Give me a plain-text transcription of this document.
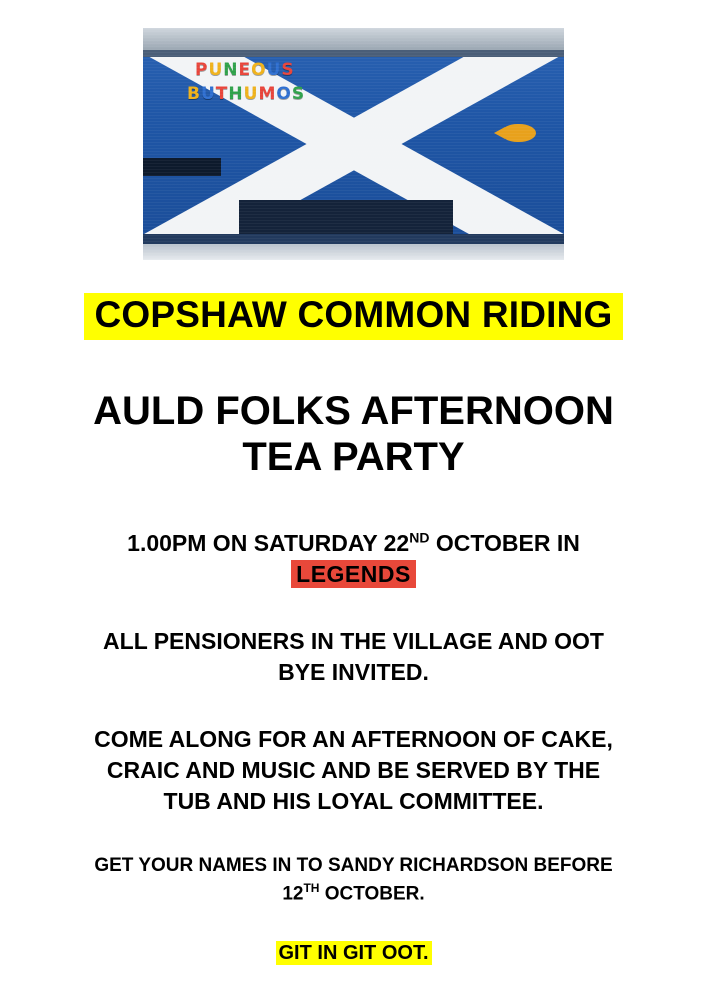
PUNEOUS
BUTHUMOS
COPSHAW COMMON RIDING
AULD FOLKS AFTERNOON
TEA PARTY
1.00PM ON SATURDAY 22ND OCTOBER IN
LEGENDS
ALL PENSIONERS IN THE VILLAGE AND OOT
BYE INVITED.
COME ALONG FOR AN AFTERNOON OF CAKE,
CRAIC AND MUSIC AND BE SERVED BY THE
TUB AND HIS LOYAL COMMITTEE.
GET YOUR NAMES IN TO SANDY RICHARDSON BEFORE
12TH OCTOBER.
GIT IN GIT OOT.
